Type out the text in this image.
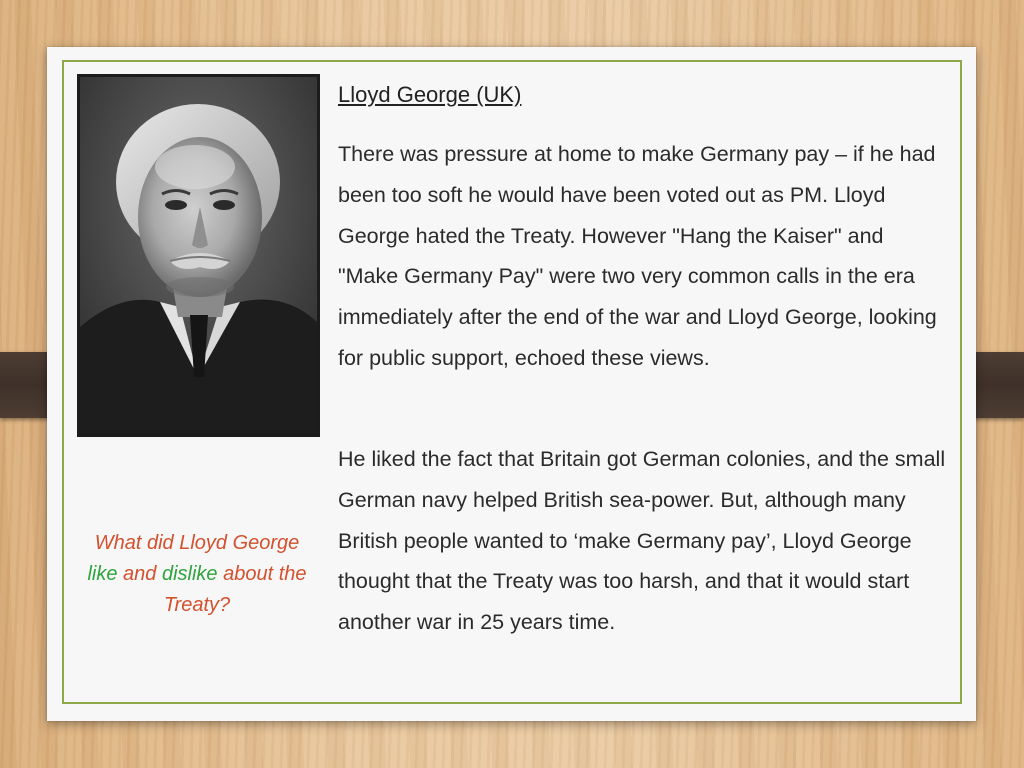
Lloyd George (UK)

There was pressure at home to make Germany pay – if he had been too soft he would have been voted out as PM. Lloyd George hated the Treaty. However "Hang the Kaiser" and "Make Germany Pay" were two very common calls in the era immediately after the end of the war and Lloyd George, looking for public support, echoed these views.

He liked the fact that Britain got German colonies, and the small German navy helped British sea-power. But, although many British people wanted to ‘make Germany pay’, Lloyd George thought that the Treaty was too harsh, and that it would start another war in 25 years time.

What did Lloyd George
like and dislike about the Treaty?
